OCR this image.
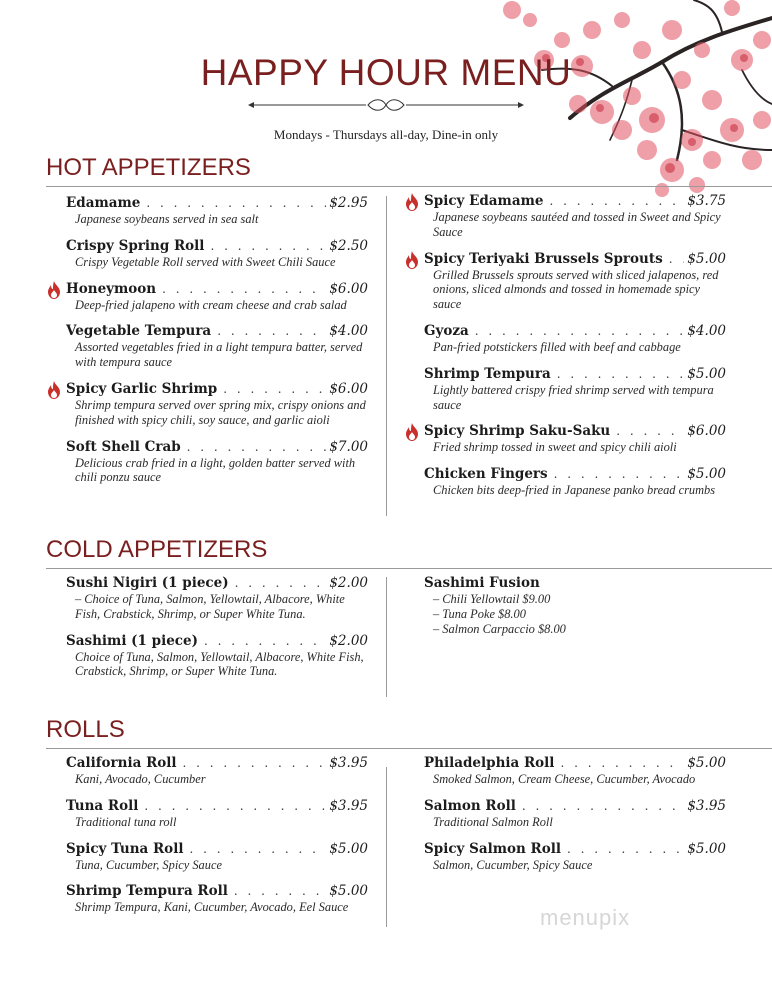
HAPPY HOUR MENU
Mondays - Thursdays all-day, Dine-in only
HOT APPETIZERS
Edamame . . .	$2.95
Japanese soybeans served in sea salt
Crispy Spring Roll . . .	$2.50
Crispy Vegetable Roll served with Sweet Chili Sauce
Honeymoon . . .	$6.00
Deep-fried jalapeno with cream cheese and crab salad
Vegetable Tempura . . .	$4.00
Assorted vegetables fried in a light tempura batter, served with tempura sauce
Spicy Garlic Shrimp . . .	$6.00
Shrimp tempura served over spring mix, crispy onions and finished with spicy chili, soy sauce, and garlic aioli
Soft Shell Crab . . .	$7.00
Delicious crab fried in a light, golden batter served with chili ponzu sauce
Spicy Edamame . . .	$3.75
Japanese soybeans sautéed and tossed in Sweet and Spicy Sauce
Spicy Teriyaki Brussels Sprouts . . . $5.00
Grilled Brussels sprouts served with sliced jalapenos, red onions, sliced almonds and tossed in homemade spicy sauce
Gyoza . . .	$4.00
Pan-fried potstickers filled with beef and cabbage
Shrimp Tempura . . .	$5.00
Lightly battered crispy fried shrimp served with tempura sauce
Spicy Shrimp Saku-Saku . . .	$6.00
Fried shrimp tossed in sweet and spicy chili aioli
Chicken Fingers . . .	$5.00
Chicken bits deep-fried in Japanese panko bread crumbs
COLD APPETIZERS
Sushi Nigiri (1 piece) . . .	$2.00
– Choice of Tuna, Salmon, Yellowtail, Albacore, White Fish, Crabstick, Shrimp, or Super White Tuna.
Sashimi (1 piece) . . .	$2.00
Choice of Tuna, Salmon, Yellowtail, Albacore, White Fish, Crabstick, Shrimp, or Super White Tuna.
Sashimi Fusion
– Chili Yellowtail $9.00
– Tuna Poke $8.00
– Salmon Carpaccio $8.00
ROLLS
California Roll . . .	$3.95
Kani, Avocado, Cucumber
Tuna Roll . . .	$3.95
Traditional tuna roll
Spicy Tuna Roll . . .	$5.00
Tuna, Cucumber, Spicy Sauce
Shrimp Tempura Roll . . .	$5.00
Shrimp Tempura, Kani, Cucumber, Avocado, Eel Sauce
Philadelphia Roll . . .	$5.00
Smoked Salmon, Cream Cheese, Cucumber, Avocado
Salmon Roll . . .	$3.95
Traditional Salmon Roll
Spicy Salmon Roll . . .	$5.00
Salmon, Cucumber, Spicy Sauce
menupix
